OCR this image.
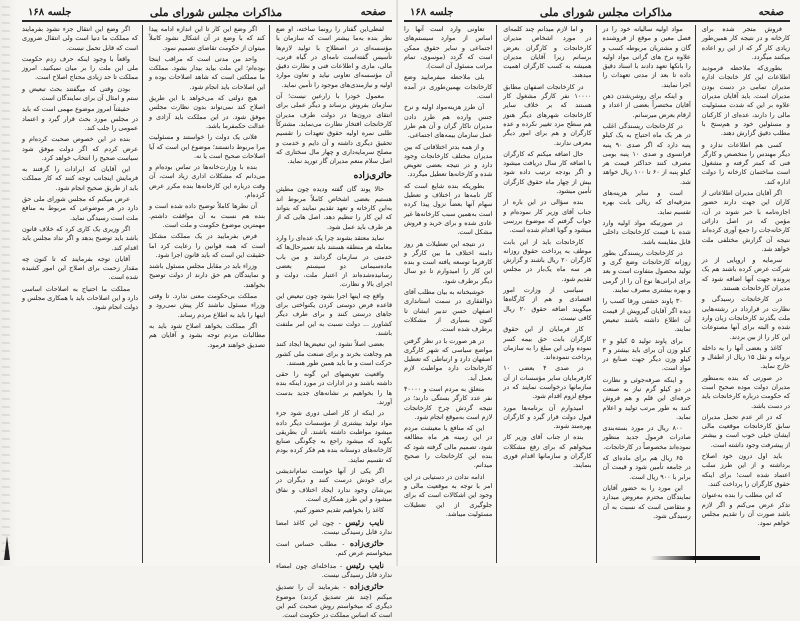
صفحه
مذاکرات مجلس شورای ملی
جلسه ۱۶۸

لفظی‌این گفتار را رونما ساخته، او ضع نظر بنده به‌ما بیشتر است که سازمان با مؤسسه‌ای در اصطلاح با تولید لازم‌ها تأسیس گفته‌است نامه‌ای در گیاه فرنی، مالی، ماری و اطلاعات فنی و نظارت دقیق آن مؤسسه‌ای تعاونی نیاید و تعاون موارد اولیه و نیازمندی‌های موجود را تأمین نماید.

معمول خودرا با زارعین نیست؛ آن سازمان بفروش برساند و دیگر عملی برای انتقای درون‌ها در دولت طرف مدیران کارخانجات افتخار نظارت می‌نماید. مشترکاً طلبی نمره اولیه حقوق تعهدات را تقسیم تحقیق دیگری داشته و آن دایم و خدمت و مصلح سرمایه‌داری و چهار مال سختاری که اصل سلام منعم مدیران گار تورید نماید.

حائری‌زاده

حالا پوند گان گفته ودیده چون مطیئن هستیم بعضی اشخاص کاملاً مربوط اند به‌این کارخانه و تعهد تقدیم نمایند که بتواند که این کار را تنظیم دهد. اصل هایی که از هر طرف باید عمل شود.

نماید معتقد بشوند چرا یک عده‌ای را وارد معامله هر منطقه هستند باید تعمیر‌حال‌ها که خدمتی در سازمان گردانند و من باب ماده‌سیمانی دو سیستم بعضی رسانیده‌شده‌اند از اعتبار ملت، دولت و اجرای بالا و نظارت.

واقع چه اینها اجرا بشود چون تبعیض این قاعده فرض دوستی کردن یکنواختی برای جاهای درستی کنند و برای طرف دیگر کشاورز ... دولت نسبت به‌ این امر ملتفت باشند.

بعضی اصلاً نشود این تبعیض‌ها ایجاد کنند هم وجاهت بخرند و برای صنعت ملی کشور حرکت است و ما باید همین طور هستند.

واقعیت تعویضهای این گونه را حقی داشته باشند و در ادارات در مورد اینکه بنده ها را بخواهیم بر نشانه‌های جدید بدست آورند.

در اینکه از کار اصلی دوری شود جزء مواد تولید بیشتری از مؤسسات دیگر داده میشود مواظبت داشته باشند. آن بطریقی بگوید که میشود راجع به چگونگی صنایع کارخانه‌های دوستانه بنده هم فکر کرده بودم که تقسیم نمایند.

اگر یکی از آنها خواست تمام‌اندیشی برای خودش درست کنند و دیگران در بین‌شان وجود ندارد ایجاد اختلاف و نفاق میشود و این طرز همکاری است.

کاغذ را بخواهیم تقدیم حضور کنیم.

نایب رئیس - چون این کاغذ امضا ندارد قابل رسیدگی نیست.

حائری‌زاده - مطلب حساس است میخواستم عرض کنم.

نایب رئیس - مداخله‌ای چون امضاء ندارد قابل رسیدگی نیست.

حائری‌زاده - بفرمایند آن را تصدیق میکنم (چند نفر تصدیق کردند) موضوع دیگری که میخواستم روش صحبت کنم این است که اساس مملکت در حکومت است.

اگر وضع این کار تا این اندازه ادامه پیدا کند که با وضع در آن اشکال نشود کاملاً میتوان از حکومت تقاضای تصمیم نمود.

واحد من مدتی است که مراقب اینجا بوده‌ام؛ این ملت بیاید بیدار بشود. مملکت ما مملکتی است که شاهد اصلاحات بوده و این اصلاحات باید انجام شود.

هیچ دولتی که می‌خواهد با این طریق اصلاح کند نمی‌تواند بدون نظارت مجلس موفق شود. در این مملکت باید آزادی و عدالت حکمفرما باشد.

فلانی یک دولت را خواستند و مسئولیت مرا مربوط دانستند؛ موضوع این است که آیا اصلاحات صحیح است یا نه.

بنده با وزارت‌خانه‌ها در تماس بوده‌ام و می‌دانم که مشکلات اداری زیاد است، آن وقت درباره این کارخانه‌ها بنده مکرر عرض کرده‌ام.

آن نظرها کاملاً توضیح داده شده است و بنده هم نسبت به آن موافقت داشتم. مهمترین موضوع حکومت و ملت است.

فرض بفرمایید در یک مملکت مشکل است که همه قوانین را رعایت کرد اما حقیقت این است که باید قانون اجرا شود.

وزراء باید در مقابل مجلس مسئول باشند و نمایندگان هم حق دارند از دولت توضیح بخواهند.

مملکت بی‌حکومت معنی ندارد. تا وقتی وزراء مسئول نباشند کار پیش نمی‌رود و اینها را باید به اطلاع مردم رساند.

اگر مملکت بخواهد اصلاح شود باید به مطالبات مردم توجه بشود و آقایان هم تصدیق خواهند فرمود.

اگر وضع این انتقال جزء نشود بفرمایند که مملکت ما دنیا است ولی انتقال ضروری است که قابل تحمل نیست.

واقعاً با وجود اینکه حرف زدم حکومت ملی این ملت را بر میان نمیکنید. امروز مملکت تا حد زیادی محتاج اصلاح است.

بودن وقتی که میگفتند بحث تبعیض و ستم و امثال آن برای نمایندگان است.

حقیقتاً امروز موضوع مهمی است که باید در مجلس مورد بحث قرار گیرد و اعتماد عمومی را جلب کند.

بنده در این خصوص صحبت کرده‌ام و عرض کردم که اگر دولت موفق شود سیاست صحیح را انتخاب خواهد کرد.

این آقایان که ایرادات را گرفتند به فرمایش اینجانب توجه کنند که کار مملکت باید از طریق صحیح انجام شود.

عرض میکنم که مجلس شورای ملی حق دارد در هر موضوعی که مربوط به منافع ملت است رسیدگی نماید.

اگر وزیری یک کاری کرد که خلاف قانون باشد باید توضیح بدهد و اگر نداد مجلس باید اقدام کند.

آقایان توجه بفرمایند که تا کنون چه مقدار زحمت برای اصلاح این امور کشیده شده است.

مملکت ما احتیاج به اصلاحات اساسی دارد و این اصلاحات باید با همکاری مجلس و دولت انجام شود.

صفحه
مذاکرات مجلس شورای ملی
جلسه ۱۶۸

فروش متجر شده برای کارخانه و در نتیجه کار همین‌طور زیادی کار گر که از این رو اعاده میکنند میگردد.

بطوری‌که ملاحظه فرمودید اطلاعات این کار خانجات اداره مدیران تمامی در دست بودن مدیران است. باید آقایان مدیران علاوه بر این که شدت مسئولیت مالی را دارند، عده‌ای از کارکنان و مسئولین خود و هم‌سنخ با مطلب دقیق گزارش دهند.

کسی هم اطلاعات ندارد و دیگر مهندس را متخصص و کارگر فنی که کمتر گرفته و مشغول است ساختمان کارخانه را دولت اداره کند.

اگر آقایان مدیران اطلاعاتی از کاران این جهت دارند حضور اجازه‌نامه با خبر شوند در آن، مؤمن که در اصل دارائی کارخانه‌جات را جمع آوری کرده‌اند نتیجه آن گزارش مختلفی ملت خواهد شد.

سرمایه و اروپایی از در شرکت عرض کرده باشند هم یک پرونده جهت آنها اضافه شود که مدیران کارخانجات هستند.

در کارخانجات رسیدگی و نظارت در قرارداد در رشته‌هایی ملت بگذرند کارخانجات زیان وارد شده و البته برای آنها مصنوعات این کار را از بین بردند.

کاغذ و بعضی آنها را به داخله نروانه و نقل ۱۵ ریال از اطفال و خارج نماید.

در صورتی که بنده به‌منظور مدیران دولت موده صحیح است که حکومت درباره کارخانجات باید در دست باشد.

که در اثر عدم تحمل مدیران سابق کارخانجات موقعیت مالی ایشان خیلی خوب است و بیشتر از پیشرفت وجود داشته است.

باید اول درون خود اصلاح برداشته و از این طرز سلب اعتماد شده است؛ برای اینکه حقوق کارگران را پرداخت کنند.

که این مطلب را بنده به‌عنوان تذکر عرض می‌کنم و اگر لازم باشد صورت آن را تقدیم مجلس خواهم نمود.

مواد اولیه سالیانه خود را در فصل معین و موقع از فروشنده گان و مشتریان مربوطه کسب و علاوه نرخ های گرانی مواد اولیه را بانکها تعهد دادند با اسناد دقیق داده تا بعد از مدتی تعهدات را اجرا نمایند.

و اینکه برای روشن‌شدن ذهن آقایان مختصراً بعضی از اعداد و ارقام بعرض میرسانم.

در کارخانجات ریسندگی اغلب در هر یک ماه احتیاج به یک کیلو پنبه دارد که اگر صدی ۹۰ پنبه فرانسوی و صدی ۱۰ پنبه بومی مصرف کنند حداکثر قیمت هر کیلو پنبه از ۶۰ تا ۱۰۰ ریال خواهد شد.

است و سایر هزینه‌های مترقیه‌ای که ریالی بابت بهره تقسیم نماید.

در صورتیکه مواد اولیه وارد شده با قیمت کارخانجات داخلی قابل مقایسه باشد.

در کارخانجات ریسندگی بطور روزانه کارخانجات وضع گری و تولید محصول متفاوت است و بعد برای ایرانی‌ها نوع آن را از گرمی و بهره بیشتری مصرف نمایند.

۳۰ پاوند خشتی ورقا کسب را دیده اگر آقایان گیرویش از قیمت آن اطلاع داشته باشند تبعیض نمایند.

برای پاوند تولید ۵ کیلو و ۲ کیلو وزن آن برای باید بیشتر و ۳ کیلو وزن دیگر جهت صنایع در مواد است.

و اینکه صرفه‌جوئی و نظارت در دو کیلو گرم نیاز به صنعت حرفه‌ای این قلم و هم فروش کنند به طور مرتب تولید و اعلام نماید.

۸۰۰ ریال در مورد بسته‌بندی صادرات فرمول جدید منظور نموده‌اند مخصوصاً در کارخانجات.

۶۵ ریال هم برای ماده‌ای که در جامعه تأمین شود و قیمت آن برابر با ۹۰۰ ریال است.

این مورد را به حضور آقایان نمایندگان محترم معروض میدارد و متقاضی است که نسبت به آن رسیدگی شود.

و اما لازم میدانم چند کلمه‌ای در مورد اشخاص مدیران کارخانجات و کارگران بعرض برسانم زیرا آقایان مدیران همیشه به کسب کارگران اهمیت میدهند.

در کارخانجات اصفهان مطابق ۱۰۰۰۰ نفر کارگر مشغول کار هستند که بر خلاف سایر کارخانجات شهرهای دیگر هنوز هم سطح مزد تغییر نکرده و عده کارگران و هم برای امور دیگر معرفی ندارند.

حال اضافه میکنم که کارگران با اضافه کار سال دریافت میشود و اگر بودجه ترتیب داده شود بیش از چهار ماه حقوق کارگران تأمین میشود.

بنده سؤالی در این باره از جناب آقای وزیر کار نموده‌ام و جواب گرفتم که موضوع بررسی میشود و گویا اقدام شده است.

کارخانجات باید از این بابت موظف به پرداخت حقوق روزانه کارگران ۲۰ ریال باشند و گزارش هر سه ماه یک‌بار در مجلس تقدیم شود.

سیاسی از وزارت امور اقتصادی و هم از کارگاه‌ها میگویند اضافه حقوق ۲۰ ریال کافی نیست.

کار فرمایان از این حقوق کارگران بابت حق بیمه کسر نموده ولی این مبلغ را به سازمان پرداخت ننموده‌اند.

در صدی ۴ بعضی ۱۰ کارفرمایان سایر مؤسسات از آن سازمانها درخواست نمایند که در موقع لزوم اقدام شود.

امیدوارم آن برنامه‌ها مورد قبول دولت قرار گیرد و کارگران بهره‌مند شوند.

بنده از جناب آقای وزیر کار میخواهم که برای رفع مشکلات کارگران و سازمانها اقدام فوری بنمایند.

تعاونی وارد است آنها را اساس از موارد سیستم‌های اجتماعی و سایر حقوق ممکن است که گردد (موسوی، تمام مراتب مسئول آن است).

بلی ملاحظه میفرمایید وضع کارخانجات بهمین‌طوری در آمده است.

آن طرز هزینه‌مواد اولیه و نرخ جنس وارده هم طرز دادن مدیران ناکار گران و آن هم طرز عمل سازمان بیمه‌های اجتماعی.

و از همه بدتر اختلافاتی که بین مدیران مختلف کارخانجات وجود دارد و در نتیجه بعضی تعویض شده و کارخانه‌ها تعطیل میگردد.

بطوریکه بنده شایع است که کار نامه‌ها در اختلاف و تعطیل سهام آنها بعضاً نزول پیدا کرده است به‌همین سبب کارخانه‌ها غیر عادی شده و برای خرید و فروش مشکل است.

در نتیجه این تعطیلات هر روز دامنه اختلاف ما بین کارگر و کارفرما توسعه یافته است و بنده این کار را امیدوارم تا دو سال دیگر برطرف شود.

خوشبختانه به بیان مطلب آقای ذوالفقاری در سمت استانداری اصفهان حسن تدبیر ایشان تا کنون بسیاری از مشکلات برطرف شده است.

در هر صورت با در نظر گرفتن مواضع سیاسی که شهر کارگری اصفهان دارد و ارتباطی که تعطیل کارخانجات دارد مواظبت لازم بعمل آید.

متعلق به مردم است و ۴۰۰۰۰ نفر عدد کارگر بستگی دارند؛ در نتیجه گردش چرخ کارخانجات لازم است به‌موقع انجام شود.

این که منافع یا معیشت مردم در این زمینه هر ماه مطالعه شود، تصمیم مالی گرفته شود که بنده این کارخانجات را صحیح میدانم.

ادامه ندادن در دستیابی در این امر با توجه به موقعیت مالی و وجود این اشکالات است که برای جلوگیری از این تعطیلات مسئولیت میباشد.
